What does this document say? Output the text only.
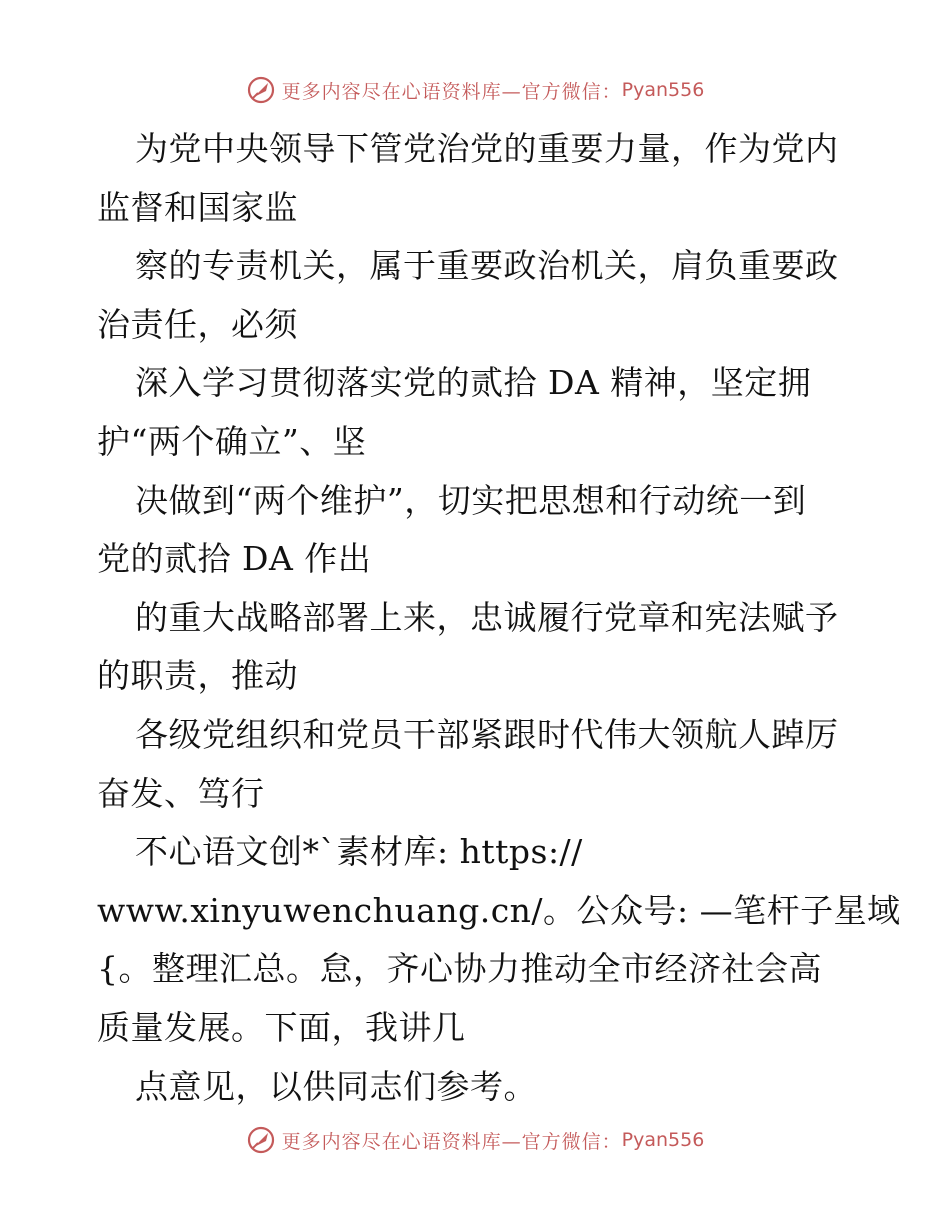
更多内容尽在心语资料库—官方微信： Pyan556
为党中央领导下管党治党的重要力量，作为党内
监督和国家监
察的专责机关，属于重要政治机关，肩负重要政
治责任，必须
深入学习贯彻落实党的贰拾 DA 精神，坚定拥
护“两个确立”、坚
决做到“两个维护”，切实把思想和行动统一到
党的贰拾 DA 作出
的重大战略部署上来，忠诚履行党章和宪法赋予
的职责，推动
各级党组织和党员干部紧跟时代伟大领航人踔厉
奋发、笃行
不心语文创*`素材库: https://
www.xinyuwenchuang.cn/。公众号: —笔杆子星域
{。整理汇总。怠，齐心协力推动全市经济社会高
质量发展。下面，我讲几
点意见，以供同志们参考。
更多内容尽在心语资料库—官方微信： Pyan556
